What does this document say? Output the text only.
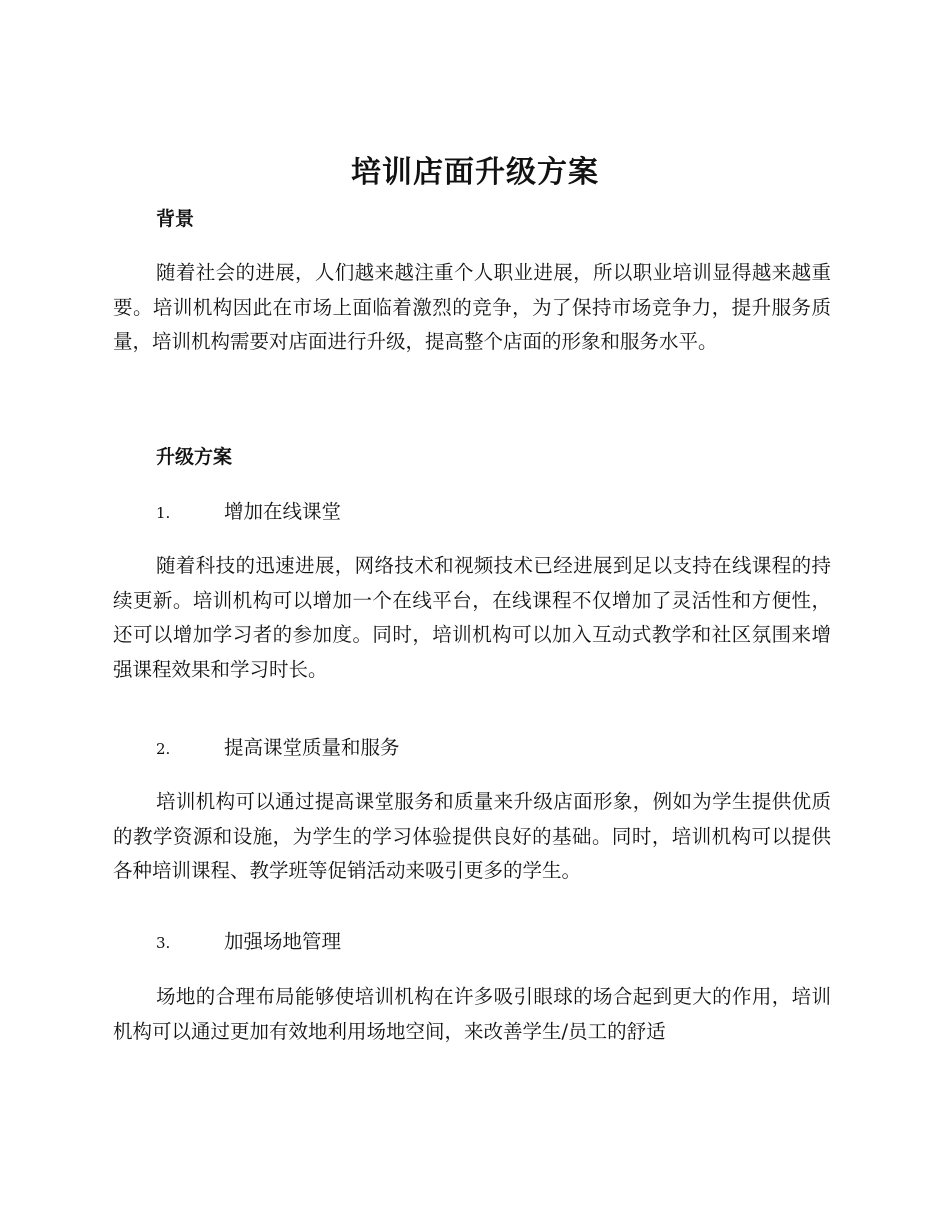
培训店面升级方案
背景

随着社会的进展，人们越来越注重个人职业进展，所以职业培训显得越来越重要。培训机构因此在市场上面临着激烈的竞争，为了保持市场竞争力，提升服务质量，培训机构需要对店面进行升级，提高整个店面的形象和服务水平。

升级方案
1.	增加在线课堂

随着科技的迅速进展，网络技术和视频技术已经进展到足以支持在线课程的持续更新。培训机构可以增加一个在线平台，在线课程不仅增加了灵活性和方便性，还可以增加学习者的参加度。同时，培训机构可以加入互动式教学和社区氛围来增强课程效果和学习时长。

2.	提高课堂质量和服务

培训机构可以通过提高课堂服务和质量来升级店面形象，例如为学生提供优质的教学资源和设施，为学生的学习体验提供良好的基础。同时，培训机构可以提供各种培训课程、教学班等促销活动来吸引更多的学生。

3.	加强场地管理

场地的合理布局能够使培训机构在许多吸引眼球的场合起到更大的作用，培训机构可以通过更加有效地利用场地空间，来改善学生/员工的舒适
